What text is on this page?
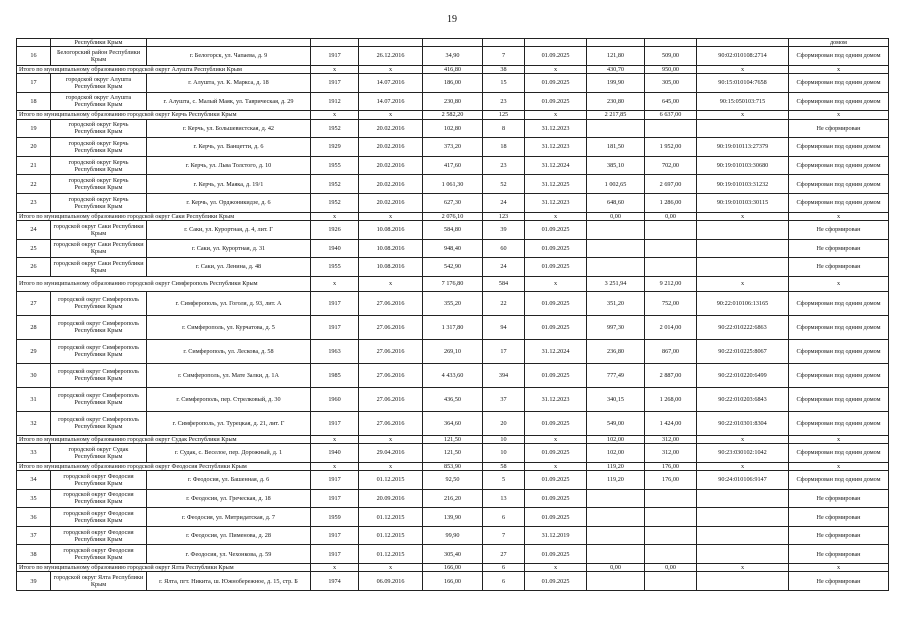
19
	Республики Крым										домом
16	Белогорский район Республики Крым	г. Белогорск, ул. Чапаева, д. 9	1917	26.12.2016	34,90	7	01.09.2025	121,80	509,00	90:02:010108:2714	Сформирован под одним домом
Итого по муниципальному образованию городской округ Алушта Республики Крым			х	х	416,80	38	х	430,70	950,00	х	х
17	городской округ Алушта Республики Крым	г. Алушта, ул. К. Маркса, д. 18	1917	14.07.2016	186,00	15	01.09.2025	199,90	305,00	90:15:010104:7658	Сформирован под одним домом
18	городской округ Алушта Республики Крым	г. Алушта, с. Малый Маяк, ул. Таврическая, д. 29	1912	14.07.2016	230,80	23	01.09.2025	230,80	645,00	90:15:050103:715	Сформирован под одним домом
Итого по муниципальному образованию городской округ Керчь Республики Крым			х	х	2 582,20	125	х	2 217,85	6 637,00	х	х
19	городской округ Керчь Республики Крым	г. Керчь, ул. Большевистская, д. 42	1952	20.02.2016	102,80	8	31.12.2023				Не сформирован
20	городской округ Керчь Республики Крым	г. Керчь, ул. Ванцетти, д. 6	1929	20.02.2016	373,20	18	31.12.2023	181,50	1 952,00	90:19:010113:27379	Сформирован под одним домом
21	городской округ Керчь Республики Крым	г. Керчь, ул. Льва Толстого, д. 10	1955	20.02.2016	417,60	23	31.12.2024	385,10	702,00	90:19:010103:30680	Сформирован под одним домом
22	городской округ Керчь Республики Крым	г. Керчь, ул. Маяка, д. 19/1	1952	20.02.2016	1 061,30	52	31.12.2025	1 002,65	2 697,00	90:19:010103:31232	Сформирован под одним домом
23	городской округ Керчь Республики Крым	г. Керчь, ул. Орджоникидзе, д. 6	1952	20.02.2016	627,30	24	31.12.2023	648,60	1 286,00	90:19:010103:30115	Сформирован под одним домом
Итого по муниципальному образованию городской округ Саки Республики Крым			х	х	2 076,10	123	х	0,00	0,00	х	х
24	городской округ Саки Республики Крым	г. Саки, ул. Курортная, д. 4, лит. Г	1926	10.08.2016	584,80	39	01.09.2025				Не сформирован
25	городской округ Саки Республики Крым	г. Саки, ул. Курортная, д. 31	1940	10.08.2016	948,40	60	01.09.2025				Не сформирован
26	городской округ Саки Республики Крым	г. Саки, ул. Ленина, д. 48	1955	10.08.2016	542,90	24	01.09.2025				Не сформирован
Итого по муниципальному образованию городской округ Симферополь Республики Крым			х	х	7 176,80	584	х	3 251,94	9 212,00	х	х
27	городской округ Симферополь Республики Крым	г. Симферополь, ул. Гоголя, д. 93, лит. А	1917	27.06.2016	355,20	22	01.09.2025	351,20	752,00	90:22:010106:13165	Сформирован под одним домом
28	городской округ Симферополь Республики Крым	г. Симферополь, ул. Курчатова, д. 5	1917	27.06.2016	1 317,80	94	01.09.2025	997,30	2 014,00	90:22:010222:6863	Сформирован под одним домом
29	городской округ Симферополь Республики Крым	г. Симферополь, ул. Лескова, д. 58	1963	27.06.2016	269,10	17	31.12.2024	236,80	867,00	90:22:010225:8067	Сформирован под одним домом
30	городской округ Симферополь Республики Крым	г. Симферополь, ул. Мате Залки, д. 1А	1985	27.06.2016	4 433,60	394	01.09.2025	777,49	2 887,00	90:22:010220:6499	Сформирован под одним домом
31	городской округ Симферополь Республики Крым	г. Симферополь, пер. Стрелковый, д. 30	1960	27.06.2016	436,50	37	31.12.2023	340,15	1 268,00	90:22:010203:6843	Сформирован под одним домом
32	городской округ Симферополь Республики Крым	г. Симферополь, ул. Турецкая, д. 21, лит. Г	1917	27.06.2016	364,60	20	01.09.2025	549,00	1 424,00	90:22:010301:8304	Сформирован под одним домом
Итого по муниципальному образованию городской округ Судак Республики Крым			х	х	121,50	10	х	102,00	312,00	х	х
33	городской округ Судак Республики Крым	г. Судак, с. Веселое, пер. Дорожный, д. 1	1940	29.04.2016	121,50	10	01.09.2025	102,00	312,00	90:23:030102:1042	Сформирован под одним домом
Итого по муниципальному образованию городской округ Феодосия Республики Крым			х	х	853,90	58	х	119,20	176,00	х	х
34	городской округ Феодосия Республики Крым	г. Феодосия, ул. Башенная, д. 6	1917	01.12.2015	92,50	5	01.09.2025	119,20	176,00	90:24:010106:9147	Сформирован под одним домом
35	городской округ Феодосия Республики Крым	г. Феодосия, ул. Греческая, д. 18	1917	20.09.2016	216,20	13	01.09.2025				Не сформирован
36	городской округ Феодосия Республики Крым	г. Феодосия, ул. Митридатская, д. 7	1959	01.12.2015	139,90	6	01.09.2025				Не сформирован
37	городской округ Феодосия Республики Крым	г. Феодосия, ул. Пименова, д. 28	1917	01.12.2015	99,90	7	31.12.2019				Не сформирован
38	городской округ Феодосия Республики Крым	г. Феодосия, ул. Чехонкова, д. 59	1917	01.12.2015	305,40	27	01.09.2025				Не сформирован
Итого по муниципальному образованию городской округ Ялта Республики Крым			х	х	166,00	6	х	0,00	0,00	х	х
39	городской округ Ялта Республики Крым	г. Ялта, пгт. Никита, ш. Южнобережное, д. 15, стр. Б	1974	06.09.2016	166,00	6	01.09.2025				Не сформирован
